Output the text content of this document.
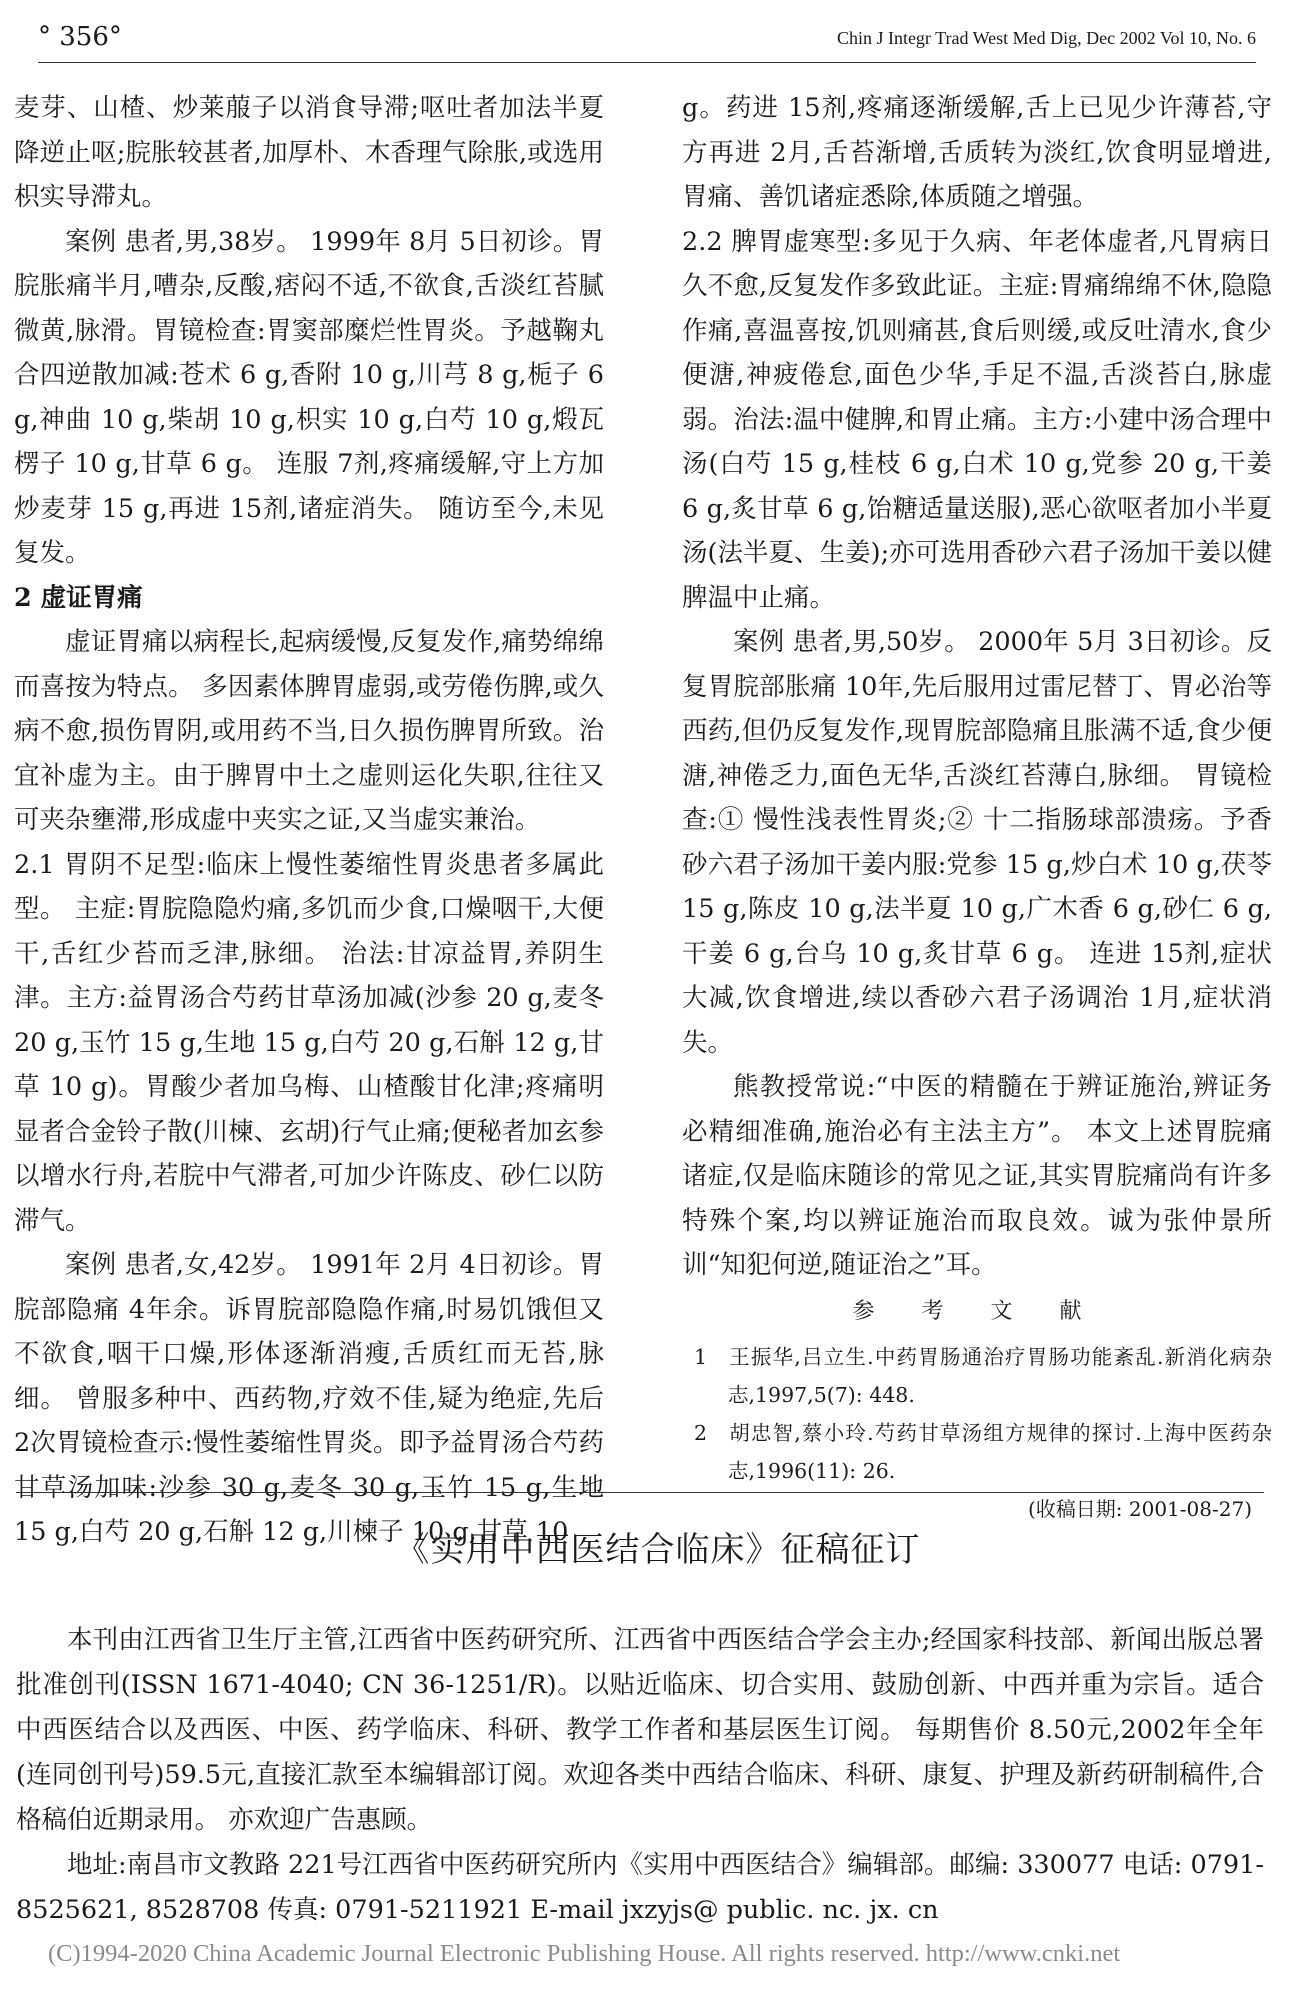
° 356°	Chin J Integr Trad West Med Dig, Dec 2002 Vol 10, No. 6

麦芽、山楂、炒莱菔子以消食导滞;呕吐者加法半夏降逆止呕;脘胀较甚者,加厚朴、木香理气除胀,或选用枳实导滞丸。

案例 患者,男,38岁。 1999年 8月 5日初诊。胃脘胀痛半月,嘈杂,反酸,痞闷不适,不欲食,舌淡红苔腻微黄,脉滑。胃镜检查:胃窦部糜烂性胃炎。予越鞠丸合四逆散加减:苍术 6 g,香附 10 g,川芎 8 g,栀子 6 g,神曲 10 g,柴胡 10 g,枳实 10 g,白芍 10 g,煅瓦楞子 10 g,甘草 6 g。 连服 7剂,疼痛缓解,守上方加炒麦芽 15 g,再进 15剂,诸症消失。 随访至今,未见复发。

2 虚证胃痛

虚证胃痛以病程长,起病缓慢,反复发作,痛势绵绵而喜按为特点。 多因素体脾胃虚弱,或劳倦伤脾,或久病不愈,损伤胃阴,或用药不当,日久损伤脾胃所致。治宜补虚为主。由于脾胃中土之虚则运化失职,往往又可夹杂壅滞,形成虚中夹实之证,又当虚实兼治。

2.1 胃阴不足型:临床上慢性萎缩性胃炎患者多属此型。 主症:胃脘隐隐灼痛,多饥而少食,口燥咽干,大便干,舌红少苔而乏津,脉细。 治法:甘凉益胃,养阴生津。主方:益胃汤合芍药甘草汤加减(沙参 20 g,麦冬 20 g,玉竹 15 g,生地 15 g,白芍 20 g,石斛 12 g,甘草 10 g)。胃酸少者加乌梅、山楂酸甘化津;疼痛明显者合金铃子散(川楝、玄胡)行气止痛;便秘者加玄参以增水行舟,若脘中气滞者,可加少许陈皮、砂仁以防滞气。

案例 患者,女,42岁。 1991年 2月 4日初诊。胃脘部隐痛 4年余。诉胃脘部隐隐作痛,时易饥饿但又不欲食,咽干口燥,形体逐渐消瘦,舌质红而无苔,脉细。 曾服多种中、西药物,疗效不佳,疑为绝症,先后 2次胃镜检查示:慢性萎缩性胃炎。即予益胃汤合芍药甘草汤加味:沙参 30 g,麦冬 30 g,玉竹 15 g,生地 15 g,白芍 20 g,石斛 12 g,川楝子 10 g,甘草 10

g。药进 15剂,疼痛逐渐缓解,舌上已见少许薄苔,守方再进 2月,舌苔渐增,舌质转为淡红,饮食明显增进,胃痛、善饥诸症悉除,体质随之增强。

2.2 脾胃虚寒型:多见于久病、年老体虚者,凡胃病日久不愈,反复发作多致此证。主症:胃痛绵绵不休,隐隐作痛,喜温喜按,饥则痛甚,食后则缓,或反吐清水,食少便溏,神疲倦怠,面色少华,手足不温,舌淡苔白,脉虚弱。治法:温中健脾,和胃止痛。主方:小建中汤合理中汤(白芍 15 g,桂枝 6 g,白术 10 g,党参 20 g,干姜 6 g,炙甘草 6 g,饴糖适量送服),恶心欲呕者加小半夏汤(法半夏、生姜);亦可选用香砂六君子汤加干姜以健脾温中止痛。

案例 患者,男,50岁。 2000年 5月 3日初诊。反复胃脘部胀痛 10年,先后服用过雷尼替丁、胃必治等西药,但仍反复发作,现胃脘部隐痛且胀满不适,食少便溏,神倦乏力,面色无华,舌淡红苔薄白,脉细。 胃镜检查:① 慢性浅表性胃炎;② 十二指肠球部溃疡。予香砂六君子汤加干姜内服:党参 15 g,炒白术 10 g,茯苓 15 g,陈皮 10 g,法半夏 10 g,广木香 6 g,砂仁 6 g,干姜 6 g,台乌 10 g,炙甘草 6 g。 连进 15剂,症状大减,饮食增进,续以香砂六君子汤调治 1月,症状消失。

熊教授常说:“中医的精髓在于辨证施治,辨证务必精细准确,施治必有主法主方”。 本文上述胃脘痛诸症,仅是临床随诊的常见之证,其实胃脘痛尚有许多特殊个案,均以辨证施治而取良效。诚为张仲景所训“知犯何逆,随证治之”耳。

参 考 文 献

1 王振华,吕立生.中药胃肠通治疗胃肠功能紊乱.新消化病杂志,1997,5(7): 448.

2 胡忠智,蔡小玲.芍药甘草汤组方规律的探讨.上海中医药杂志,1996(11): 26.

(收稿日期: 2001-08-27)
《实用中西医结合临床》征稿征订

本刊由江西省卫生厅主管,江西省中医药研究所、江西省中西医结合学会主办;经国家科技部、新闻出版总署批准创刊(ISSN 1671-4040; CN 36-1251/R)。以贴近临床、切合实用、鼓励创新、中西并重为宗旨。适合中西医结合以及西医、中医、药学临床、科研、教学工作者和基层医生订阅。 每期售价 8.50元,2002年全年(连同创刊号)59.5元,直接汇款至本编辑部订阅。欢迎各类中西结合临床、科研、康复、护理及新药研制稿件,合格稿伯近期录用。 亦欢迎广告惠顾。

地址:南昌市文教路 221号江西省中医药研究所内《实用中西医结合》编辑部。邮编: 330077 电话: 0791-8525621, 8528708 传真: 0791-5211921 E-mail jxzyjs@ public. nc. jx. cn

(C)1994-2020 China Academic Journal Electronic Publishing House. All rights reserved. http://www.cnki.net
